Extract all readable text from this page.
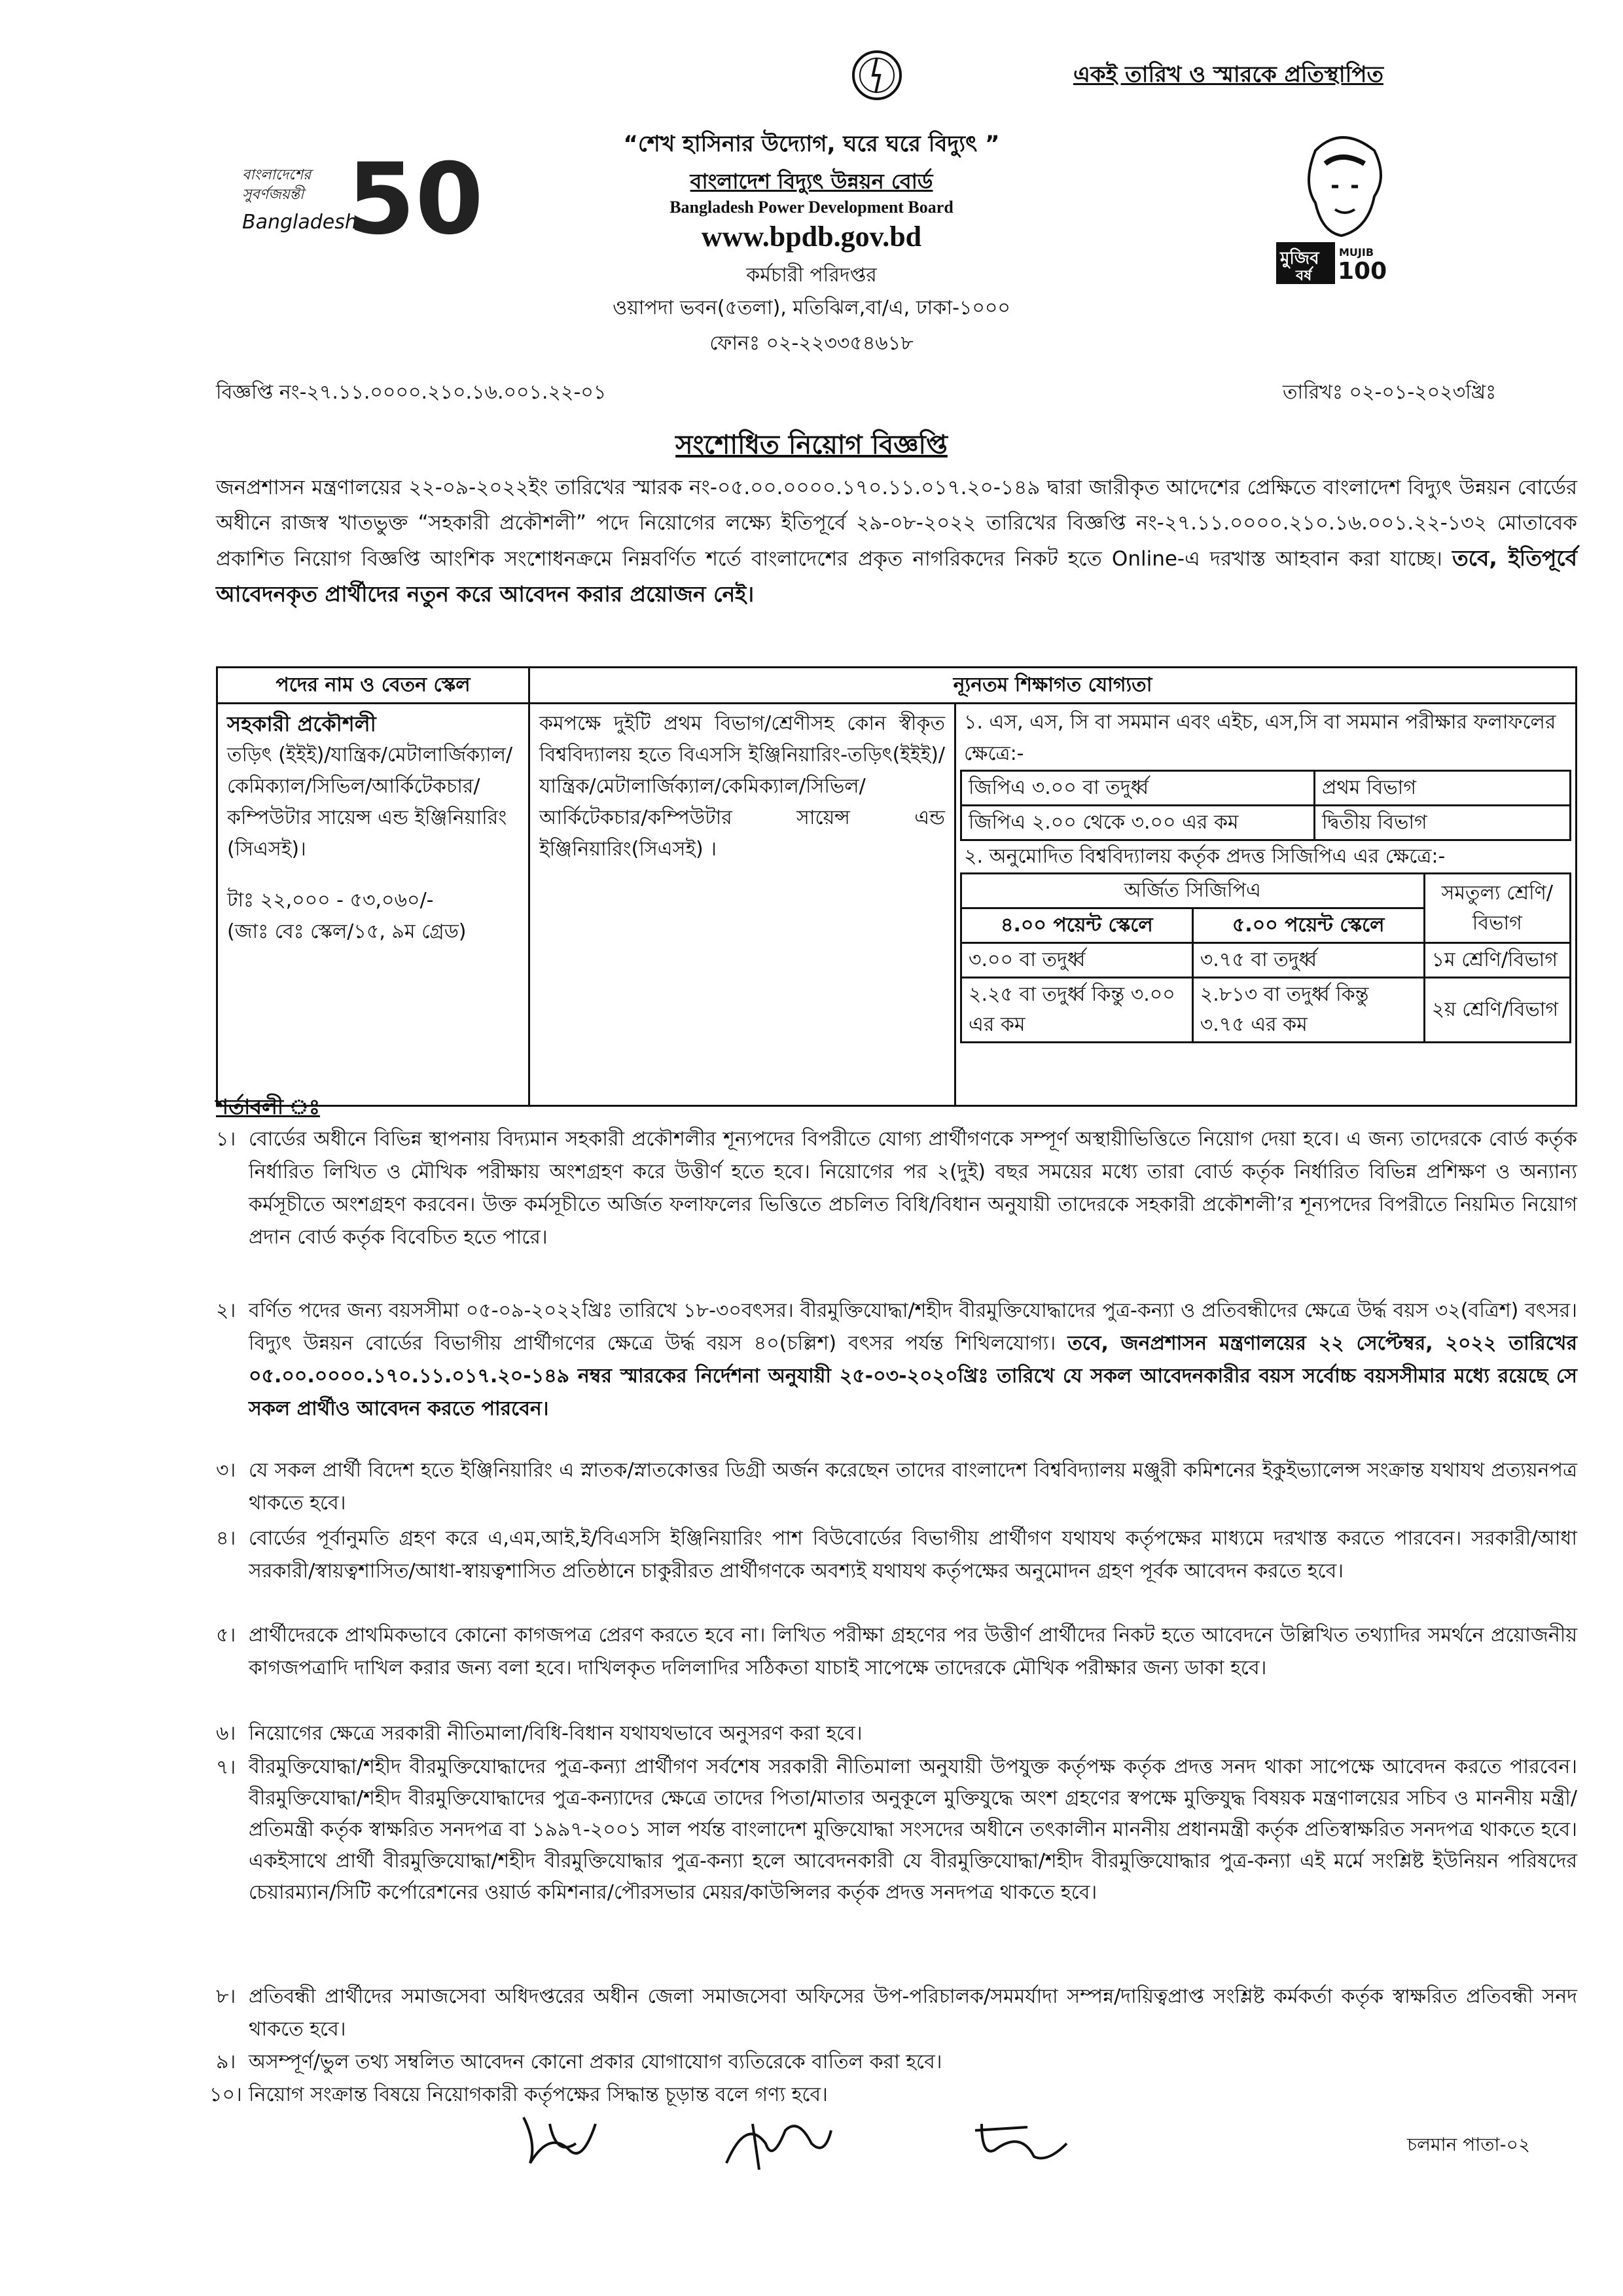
একই তারিখ ও স্মারকে প্রতিস্থাপিত
“শেখ হাসিনার উদ্যোগ, ঘরে ঘরে বিদ্যুৎ ”
বাংলাদেশ বিদ্যুৎ উন্নয়ন বোর্ড
Bangladesh Power Development Board
www.bpdb.gov.bd
কর্মচারী পরিদপ্তর
ওয়াপদা ভবন(৫তলা), মতিঝিল,বা/এ, ঢাকা-১০০০
ফোনঃ ০২-২২৩৩৫৪৬১৮
বাংলাদেশের
সুবর্ণজয়ন্তী
Bangladesh
50
মুজিব
বর্ষ
MUJIB
100
বিজ্ঞপ্তি নং-২৭.১১.০০০০.২১০.১৬.০০১.২২-০১	তারিখঃ ০২-০১-২০২৩খ্রিঃ
সংশোধিত নিয়োগ বিজ্ঞপ্তি
জনপ্রশাসন মন্ত্রণালয়ের ২২-০৯-২০২২ইং তারিখের স্মারক নং-০৫.০০.০০০০.১৭০.১১.০১৭.২০-১৪৯ দ্বারা জারীকৃত আদেশের প্রেক্ষিতে বাংলাদেশ বিদ্যুৎ উন্নয়ন বোর্ডের অধীনে রাজস্ব খাতভুক্ত “সহকারী প্রকৌশলী” পদে নিয়োগের লক্ষ্যে ইতিপূর্বে ২৯-০৮-২০২২ তারিখের বিজ্ঞপ্তি নং-২৭.১১.০০০০.২১০.১৬.০০১.২২-১৩২ মোতাবেক প্রকাশিত নিয়োগ বিজ্ঞপ্তি আংশিক সংশোধনক্রমে নিম্নবর্ণিত শর্তে বাংলাদেশের প্রকৃত নাগরিকদের নিকট হতে Online-এ দরখাস্ত আহবান করা যাচ্ছে। তবে, ইতিপূর্বে আবেদনকৃত প্রার্থীদের নতুন করে আবেদন করার প্রয়োজন নেই।
পদের নাম ও বেতন স্কেল	ন্যূনতম শিক্ষাগত যোগ্যতা

সহকারী প্রকৌশলী
তড়িৎ (ইইই)/যান্ত্রিক/মেটালার্জিক্যাল/কেমিক্যাল/সিভিল/আর্কিটেকচার/কম্পিউটার সায়েন্স এন্ড ইঞ্জিনিয়ারিং (সিএসই)।
টাঃ ২২,০০০ - ৫৩,০৬০/-
(জাঃ বেঃ স্কেল/১৫, ৯ম গ্রেড)
	কমপক্ষে দুইটি প্রথম বিভাগ/শ্রেণীসহ কোন স্বীকৃত বিশ্ববিদ্যালয় হতে বিএসসি ইঞ্জিনিয়ারিং-তড়িৎ(ইইই)/যান্ত্রিক/মেটালার্জিক্যাল/কেমিক্যাল/সিভিল/আর্কিটেকচার/কম্পিউটার সায়েন্স এন্ড ইঞ্জিনিয়ারিং(সিএসই) ।	
১. এস, এস, সি বা সমমান এবং এইচ, এস,সি বা সমমান পরীক্ষার ফলাফলের ক্ষেত্রে:-
জিপিএ ৩.০০ বা তদুর্ধ্ব	প্রথম বিভাগ
জিপিএ ২.০০ থেকে ৩.০০ এর কম	দ্বিতীয় বিভাগ
২. অনুমোদিত বিশ্ববিদ্যালয় কর্তৃক প্রদত্ত সিজিপিএ এর ক্ষেত্রে:-
অর্জিত সিজিপিএ	সমতুল্য শ্রেণি/ বিভাগ
৪.০০ পয়েন্ট স্কেলে	৫.০০ পয়েন্ট স্কেলে
৩.০০ বা তদুর্ধ্ব	৩.৭৫ বা তদুর্ধ্ব	১ম শ্রেণি/বিভাগ
২.২৫ বা তদুর্ধ্ব কিন্তু ৩.০০ এর কম	২.৮১৩ বা তদুর্ধ্ব কিন্তু ৩.৭৫ এর কম	২য় শ্রেণি/বিভাগ
শর্তাবলী ঃ
১। বোর্ডের অধীনে বিভিন্ন স্থাপনায় বিদ্যমান সহকারী প্রকৌশলীর শূন্যপদের বিপরীতে যোগ্য প্রার্থীগণকে সম্পূর্ণ অস্থায়ীভিত্তিতে নিয়োগ দেয়া হবে। এ জন্য তাদেরকে বোর্ড কর্তৃক নির্ধারিত লিখিত ও মৌখিক পরীক্ষায় অংশগ্রহণ করে উত্তীর্ণ হতে হবে। নিয়োগের পর ২(দুই) বছর সময়ের মধ্যে তারা বোর্ড কর্তৃক নির্ধারিত বিভিন্ন প্রশিক্ষণ ও অন্যান্য কর্মসূচীতে অংশগ্রহণ করবেন। উক্ত কর্মসূচীতে অর্জিত ফলাফলের ভিত্তিতে প্রচলিত বিধি/বিধান অনুযায়ী তাদেরকে সহকারী প্রকৌশলী’র শূন্যপদের বিপরীতে নিয়মিত নিয়োগ প্রদান বোর্ড কর্তৃক বিবেচিত হতে পারে।
২। বর্ণিত পদের জন্য বয়সসীমা ০৫-০৯-২০২২খ্রিঃ তারিখে ১৮-৩০বৎসর। বীরমুক্তিযোদ্ধা/শহীদ বীরমুক্তিযোদ্ধাদের পুত্র-কন্যা ও প্রতিবন্ধীদের ক্ষেত্রে উর্দ্ধ বয়স ৩২(বত্রিশ) বৎসর। বিদ্যুৎ উন্নয়ন বোর্ডের বিভাগীয় প্রার্থীগণের ক্ষেত্রে উর্দ্ধ বয়স ৪০(চল্লিশ) বৎসর পর্যন্ত শিথিলযোগ্য। তবে, জনপ্রশাসন মন্ত্রণালয়ের ২২ সেপ্টেম্বর, ২০২২ তারিখের ০৫.০০.০০০০.১৭০.১১.০১৭.২০-১৪৯ নম্বর স্মারকের নির্দেশনা অনুযায়ী ২৫-০৩-২০২০খ্রিঃ তারিখে যে সকল আবেদনকারীর বয়স সর্বোচ্চ বয়সসীমার মধ্যে রয়েছে সে সকল প্রার্থীও আবেদন করতে পারবেন।
৩। যে সকল প্রার্থী বিদেশ হতে ইঞ্জিনিয়ারিং এ স্নাতক/স্নাতকোত্তর ডিগ্রী অর্জন করেছেন তাদের বাংলাদেশ বিশ্ববিদ্যালয় মঞ্জুরী কমিশনের ইকুইভ্যালেন্স সংক্রান্ত যথাযথ প্রত্যয়নপত্র থাকতে হবে।
৪। বোর্ডের পূর্বানুমতি গ্রহণ করে এ,এম,আই,ই/বিএসসি ইঞ্জিনিয়ারিং পাশ বিউবোর্ডের বিভাগীয় প্রার্থীগণ যথাযথ কর্তৃপক্ষের মাধ্যমে দরখাস্ত করতে পারবেন। সরকারী/আধা সরকারী/স্বায়ত্বশাসিত/আধা-স্বায়ত্বশাসিত প্রতিষ্ঠানে চাকুরীরত প্রার্থীগণকে অবশ্যই যথাযথ কর্তৃপক্ষের অনুমোদন গ্রহণ পূর্বক আবেদন করতে হবে।
৫। প্রার্থীদেরকে প্রাথমিকভাবে কোনো কাগজপত্র প্রেরণ করতে হবে না। লিখিত পরীক্ষা গ্রহণের পর উত্তীর্ণ প্রার্থীদের নিকট হতে আবেদনে উল্লিখিত তথ্যাদির সমর্থনে প্রয়োজনীয় কাগজপত্রাদি দাখিল করার জন্য বলা হবে। দাখিলকৃত দলিলাদির সঠিকতা যাচাই সাপেক্ষে তাদেরকে মৌখিক পরীক্ষার জন্য ডাকা হবে।
৬। নিয়োগের ক্ষেত্রে সরকারী নীতিমালা/বিধি-বিধান যথাযথভাবে অনুসরণ করা হবে।
৭। বীরমুক্তিযোদ্ধা/শহীদ বীরমুক্তিযোদ্ধাদের পুত্র-কন্যা প্রার্থীগণ সর্বশেষ সরকারী নীতিমালা অনুযায়ী উপযুক্ত কর্তৃপক্ষ কর্তৃক প্রদত্ত সনদ থাকা সাপেক্ষে আবেদন করতে পারবেন। বীরমুক্তিযোদ্ধা/শহীদ বীরমুক্তিযোদ্ধাদের পুত্র-কন্যাদের ক্ষেত্রে তাদের পিতা/মাতার অনুকূলে মুক্তিযুদ্ধে অংশ গ্রহণের স্বপক্ষে মুক্তিযুদ্ধ বিষয়ক মন্ত্রণালয়ের সচিব ও মাননীয় মন্ত্রী/প্রতিমন্ত্রী কর্তৃক স্বাক্ষরিত সনদপত্র বা ১৯৯৭-২০০১ সাল পর্যন্ত বাংলাদেশ মুক্তিযোদ্ধা সংসদের অধীনে তৎকালীন মাননীয় প্রধানমন্ত্রী কর্তৃক প্রতিস্বাক্ষরিত সনদপত্র থাকতে হবে। একইসাথে প্রার্থী বীরমুক্তিযোদ্ধা/শহীদ বীরমুক্তিযোদ্ধার পুত্র-কন্যা হলে আবেদনকারী যে বীরমুক্তিযোদ্ধা/শহীদ বীরমুক্তিযোদ্ধার পুত্র-কন্যা এই মর্মে সংশ্লিষ্ট ইউনিয়ন পরিষদের চেয়ারম্যান/সিটি কর্পোরেশনের ওয়ার্ড কমিশনার/পৌরসভার মেয়র/কাউন্সিলর কর্তৃক প্রদত্ত সনদপত্র থাকতে হবে।
৮। প্রতিবন্ধী প্রার্থীদের সমাজসেবা অধিদপ্তরের অধীন জেলা সমাজসেবা অফিসের উপ-পরিচালক/সমমর্যাদা সম্পন্ন/দায়িত্বপ্রাপ্ত সংশ্লিষ্ট কর্মকর্তা কর্তৃক স্বাক্ষরিত প্রতিবন্ধী সনদ থাকতে হবে।
৯। অসম্পূর্ণ/ভুল তথ্য সম্বলিত আবেদন কোনো প্রকার যোগাযোগ ব্যতিরেকে বাতিল করা হবে।
১০। নিয়োগ সংক্রান্ত বিষয়ে নিয়োগকারী কর্তৃপক্ষের সিদ্ধান্ত চূড়ান্ত বলে গণ্য হবে।
চলমান পাতা-০২
